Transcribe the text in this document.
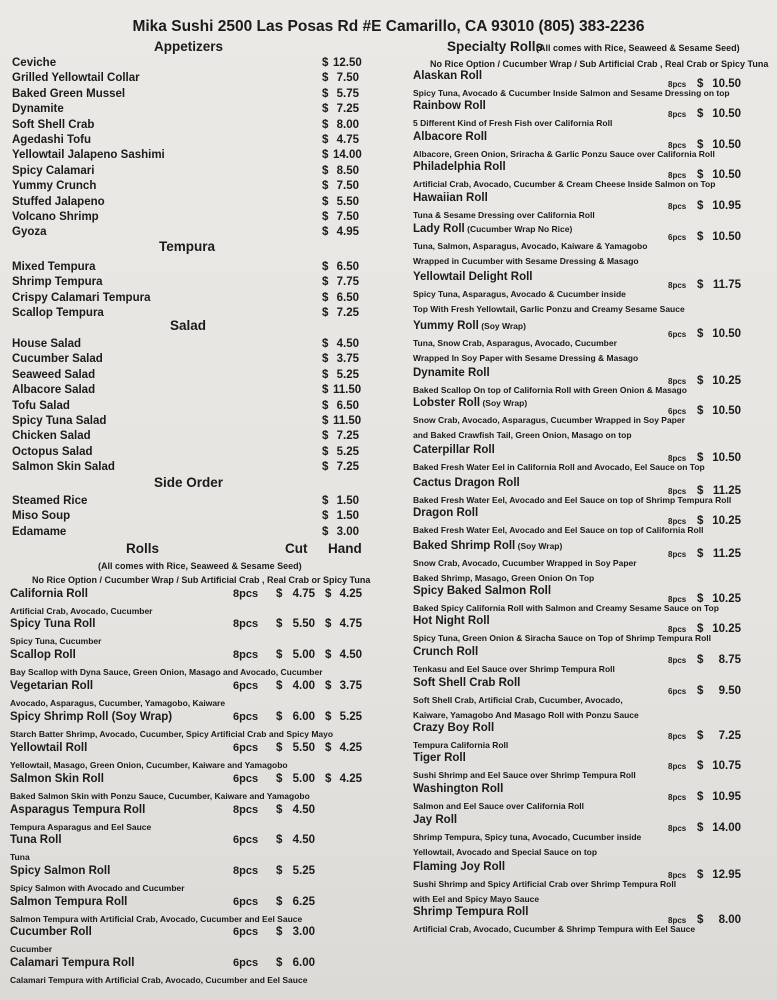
Mika Sushi 2500 Las Posas Rd #E Camarillo, CA 93010 (805) 383-2236
Appetizers
Ceviche	$ 12.50
Grilled Yellowtail Collar	$ 7.50
Baked Green Mussel	$ 5.75
Dynamite	$ 7.25
Soft Shell Crab	$ 8.00
Agedashi Tofu	$ 4.75
Yellowtail Jalapeno Sashimi	$ 14.00
Spicy Calamari	$ 8.50
Yummy Crunch	$ 7.50
Stuffed Jalapeno	$ 5.50
Volcano Shrimp	$ 7.50
Gyoza	$ 4.95
Tempura
Mixed Tempura	$ 6.50
Shrimp Tempura	$ 7.75
Crispy Calamari Tempura	$ 6.50
Scallop Tempura	$ 7.25
Salad
House Salad	$ 4.50
Cucumber Salad	$ 3.75
Seaweed Salad	$ 5.25
Albacore Salad	$ 11.50
Tofu Salad	$ 6.50
Spicy Tuna Salad	$ 11.50
Chicken Salad	$ 7.25
Octopus Salad	$ 5.25
Salmon Skin Salad	$ 7.25
Side Order
Steamed Rice	$ 1.50
Miso Soup	$ 1.50
Edamame	$ 3.00
Rolls	Cut Hand
(All comes with Rice, Seaweed & Sesame Seed)
No Rice Option / Cucumber Wrap / Sub Artificial Crab , Real Crab or Spicy Tuna
California Roll	8pcs $ 4.75 $ 4.25
Artificial Crab, Avocado, Cucumber
Spicy Tuna Roll	8pcs $ 5.50 $ 4.75
Spicy Tuna, Cucumber
Scallop Roll	8pcs $ 5.00 $ 4.50
Bay Scallop with Dyna Sauce, Green Onion, Masago and Avocado, Cucumber
Vegetarian Roll	6pcs $ 4.00 $ 3.75
Avocado, Asparagus, Cucumber, Yamagobo, Kaiware
Spicy Shrimp Roll (Soy Wrap)	6pcs $ 6.00 $ 5.25
Starch Batter Shrimp, Avocado, Cucumber, Spicy Artificial Crab and Spicy Mayo
Yellowtail Roll	6pcs $ 5.50 $ 4.25
Yellowtail, Masago, Green Onion, Cucumber, Kaiware and Yamagobo
Salmon Skin Roll	6pcs $ 5.00 $ 4.25
Baked Salmon Skin with Ponzu Sauce, Cucumber, Kaiware and Yamagobo
Asparagus Tempura Roll	8pcs $ 4.50
Tempura Asparagus and Eel Sauce
Tuna Roll	6pcs $ 4.50
Tuna
Spicy Salmon Roll	8pcs $ 5.25
Spicy Salmon with Avocado and Cucumber
Salmon Tempura Roll	6pcs $ 6.25
Salmon Tempura with Artificial Crab, Avocado, Cucumber and Eel Sauce
Cucumber Roll	6pcs $ 3.00
Cucumber
Calamari Tempura Roll	6pcs $ 6.00
Calamari Tempura with Artificial Crab, Avocado, Cucumber and Eel Sauce
Specialty Rolls
(All comes with Rice, Seaweed & Sesame Seed)
No Rice Option / Cucumber Wrap / Sub Artificial Crab , Real Crab or Spicy Tuna
Alaskan Roll
8pcs $ 10.50
Spicy Tuna, Avocado & Cucumber Inside Salmon and Sesame Dressing on top
Rainbow Roll
8pcs $ 10.50
5 Different Kind of Fresh Fish over California Roll
Albacore Roll
8pcs $ 10.50
Albacore, Green Onion, Sriracha & Garlic Ponzu Sauce over California Roll
Philadelphia Roll
8pcs $ 10.50
Artificial Crab, Avocado, Cucumber & Cream Cheese Inside Salmon on Top
Hawaiian Roll
8pcs $ 10.95
Tuna & Sesame Dressing over California Roll
Lady Roll (Cucumber Wrap No Rice)
6pcs $ 10.50
Tuna, Salmon, Asparagus, Avocado, Kaiware & Yamagobo
Wrapped in Cucumber with Sesame Dressing & Masago
Yellowtail Delight Roll
8pcs $ 11.75
Spicy Tuna, Asparagus, Avocado & Cucumber inside
Top With Fresh Yellowtail, Garlic Ponzu and Creamy Sesame Sauce
Yummy Roll (Soy Wrap)
6pcs $ 10.50
Tuna, Snow Crab, Asparagus, Avocado, Cucumber
Wrapped In Soy Paper with Sesame Dressing & Masago
Dynamite Roll
8pcs $ 10.25
Baked Scallop On top of California Roll with Green Onion & Masago
Lobster Roll (Soy Wrap)
6pcs $ 10.50
Snow Crab, Avocado, Asparagus, Cucumber Wrapped in Soy Paper
and Baked Crawfish Tail, Green Onion, Masago on top
Caterpillar Roll
8pcs $ 10.50
Baked Fresh Water Eel in California Roll and Avocado, Eel Sauce on Top
Cactus Dragon Roll
8pcs $ 11.25
Baked Fresh Water Eel, Avocado and Eel Sauce on top of Shrimp Tempura Roll
Dragon Roll
8pcs $ 10.25
Baked Fresh Water Eel, Avocado and Eel Sauce on top of California Roll
Baked Shrimp Roll (Soy Wrap)
8pcs $ 11.25
Snow Crab, Avocado, Cucumber Wrapped in Soy Paper
Baked Shrimp, Masago, Green Onion On Top
Spicy Baked Salmon Roll
8pcs $ 10.25
Baked Spicy California Roll with Salmon and Creamy Sesame Sauce on Top
Hot Night Roll
8pcs $ 10.25
Spicy Tuna, Green Onion & Siracha Sauce on Top of Shrimp Tempura Roll
Crunch Roll
8pcs $	8.75
Tenkasu and Eel Sauce over Shrimp Tempura Roll
Soft Shell Crab Roll
6pcs $	9.50
Soft Shell Crab, Artificial Crab, Cucumber, Avocado,
Kaiware, Yamagobo And Masago Roll with Ponzu Sauce
Crazy Boy Roll
8pcs $	7.25
Tempura California Roll
Tiger Roll
8pcs $ 10.75
Sushi Shrimp and Eel Sauce over Shrimp Tempura Roll
Washington Roll
8pcs $ 10.95
Salmon and Eel Sauce over California Roll
Jay Roll
8pcs $ 14.00
Shrimp Tempura, Spicy tuna, Avocado, Cucumber inside
Yellowtail, Avocado and Special Sauce on top
Flaming Joy Roll
8pcs $ 12.95
Sushi Shrimp and Spicy Artificial Crab over Shrimp Tempura Roll
with Eel and Spicy Mayo Sauce
Shrimp Tempura Roll
8pcs $	8.00
Artificial Crab, Avocado, Cucumber & Shrimp Tempura with Eel Sauce
